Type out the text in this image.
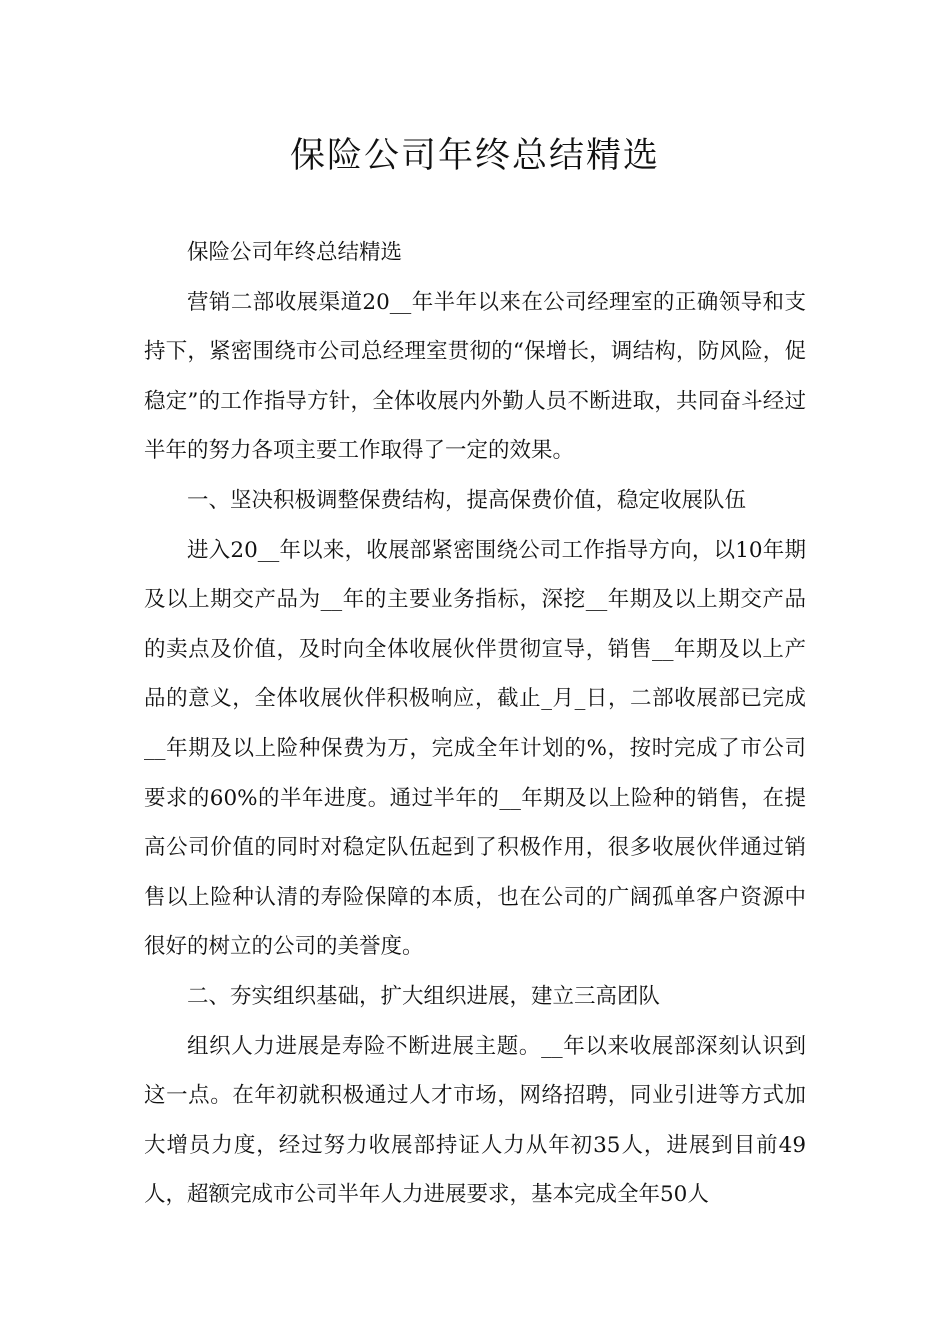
保险公司年终总结精选

保险公司年终总结精选

营销二部收展渠道20__年半年以来在公司经理室的正确领导和支持下，紧密围绕市公司总经理室贯彻的“保增长，调结构，防风险，促稳定”的工作指导方针，全体收展内外勤人员不断进取，共同奋斗经过半年的努力各项主要工作取得了一定的效果。

一、坚决积极调整保费结构，提高保费价值，稳定收展队伍

进入20__年以来，收展部紧密围绕公司工作指导方向，以10年期及以上期交产品为__年的主要业务指标，深挖__年期及以上期交产品的卖点及价值，及时向全体收展伙伴贯彻宣导，销售__年期及以上产品的意义，全体收展伙伴积极响应，截止_月_日，二部收展部已完成__年期及以上险种保费为万，完成全年计划的%，按时完成了市公司要求的60%的半年进度。通过半年的__年期及以上险种的销售，在提高公司价值的同时对稳定队伍起到了积极作用，很多收展伙伴通过销售以上险种认清的寿险保障的本质，也在公司的广阔孤单客户资源中很好的树立的公司的美誉度。

二、夯实组织基础，扩大组织进展，建立三高团队

组织人力进展是寿险不断进展主题。__年以来收展部深刻认识到这一点。在年初就积极通过人才市场，网络招聘，同业引进等方式加大增员力度，经过努力收展部持证人力从年初35人，进展到目前49人，超额完成市公司半年人力进展要求，基本完成全年50人
